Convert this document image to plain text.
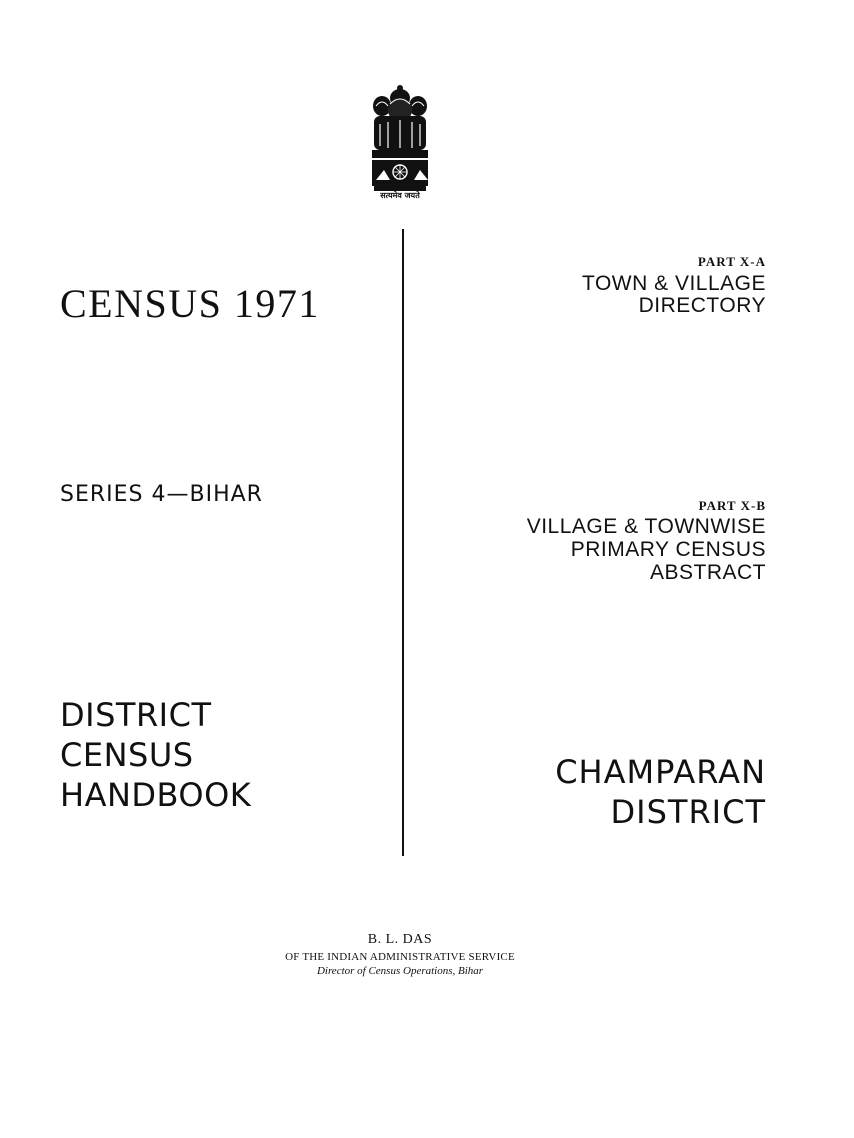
सत्यमेव जयते
CENSUS 1971
SERIES 4—BIHAR
DISTRICT
CENSUS
HANDBOOK
PART X-A
TOWN & VILLAGE
DIRECTORY
PART X-B
VILLAGE & TOWNWISE
PRIMARY CENSUS
ABSTRACT
CHAMPARAN
DISTRICT
B. L. DAS
OF THE INDIAN ADMINISTRATIVE SERVICE
Director of Census Operations, Bihar
